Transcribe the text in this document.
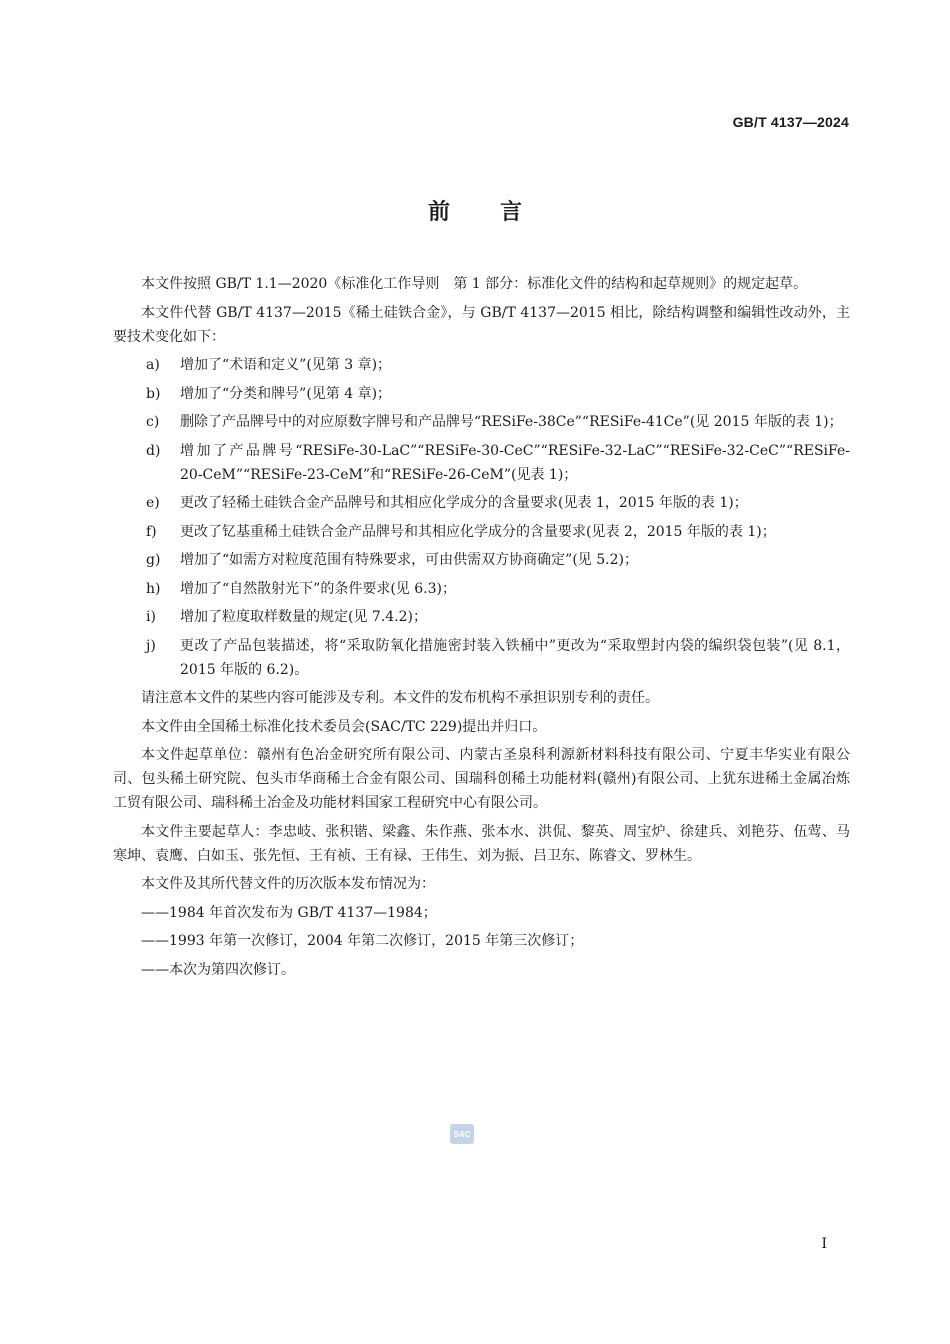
GB/T 4137—2024
前言
本文件按照 GB/T 1.1—2020《标准化工作导则　第 1 部分：标准化文件的结构和起草规则》的规定起草。
本文件代替 GB/T 4137—2015《稀土硅铁合金》，与 GB/T 4137—2015 相比，除结构调整和编辑性改动外，主要技术变化如下：
a) 增加了“术语和定义”(见第 3 章)；
b) 增加了“分类和牌号”(见第 4 章)；
c) 删除了产品牌号中的对应原数字牌号和产品牌号“RESiFe-38Ce”“RESiFe-41Ce”(见 2015 年版的表 1)；
d) 增加了产品牌号“RESiFe-30-LaC”“RESiFe-30-CeC”“RESiFe-32-LaC”“RESiFe-32-CeC”“RESiFe-20-CeM”“RESiFe-23-CeM”和“RESiFe-26-CeM”(见表 1)；
e) 更改了轻稀土硅铁合金产品牌号和其相应化学成分的含量要求(见表 1，2015 年版的表 1)；
f) 更改了钇基重稀土硅铁合金产品牌号和其相应化学成分的含量要求(见表 2，2015 年版的表 1)；
g) 增加了“如需方对粒度范围有特殊要求，可由供需双方协商确定”(见 5.2)；
h) 增加了“自然散射光下”的条件要求(见 6.3)；
i) 增加了粒度取样数量的规定(见 7.4.2)；
j) 更改了产品包装描述，将“采取防氧化措施密封装入铁桶中”更改为“采取塑封内袋的编织袋包装”(见 8.1，2015 年版的 6.2)。
请注意本文件的某些内容可能涉及专利。本文件的发布机构不承担识别专利的责任。
本文件由全国稀土标准化技术委员会(SAC/TC 229)提出并归口。
本文件起草单位：赣州有色冶金研究所有限公司、内蒙古圣泉科利源新材料科技有限公司、宁夏丰华实业有限公司、包头稀土研究院、包头市华商稀土合金有限公司、国瑞科创稀土功能材料(赣州)有限公司、上犹东进稀土金属冶炼工贸有限公司、瑞科稀土冶金及功能材料国家工程研究中心有限公司。
本文件主要起草人：李忠岐、张积锴、梁鑫、朱作燕、张本水、洪侃、黎英、周宝炉、徐建兵、刘艳芬、伍莺、马寒坤、袁鹰、白如玉、张先恒、王有祯、王有禄、王伟生、刘为振、吕卫东、陈睿文、罗林生。
本文件及其所代替文件的历次版本发布情况为：
——1984 年首次发布为 GB/T 4137—1984；
——1993 年第一次修订，2004 年第二次修订，2015 年第三次修订；
——本次为第四次修订。
SAC
I
